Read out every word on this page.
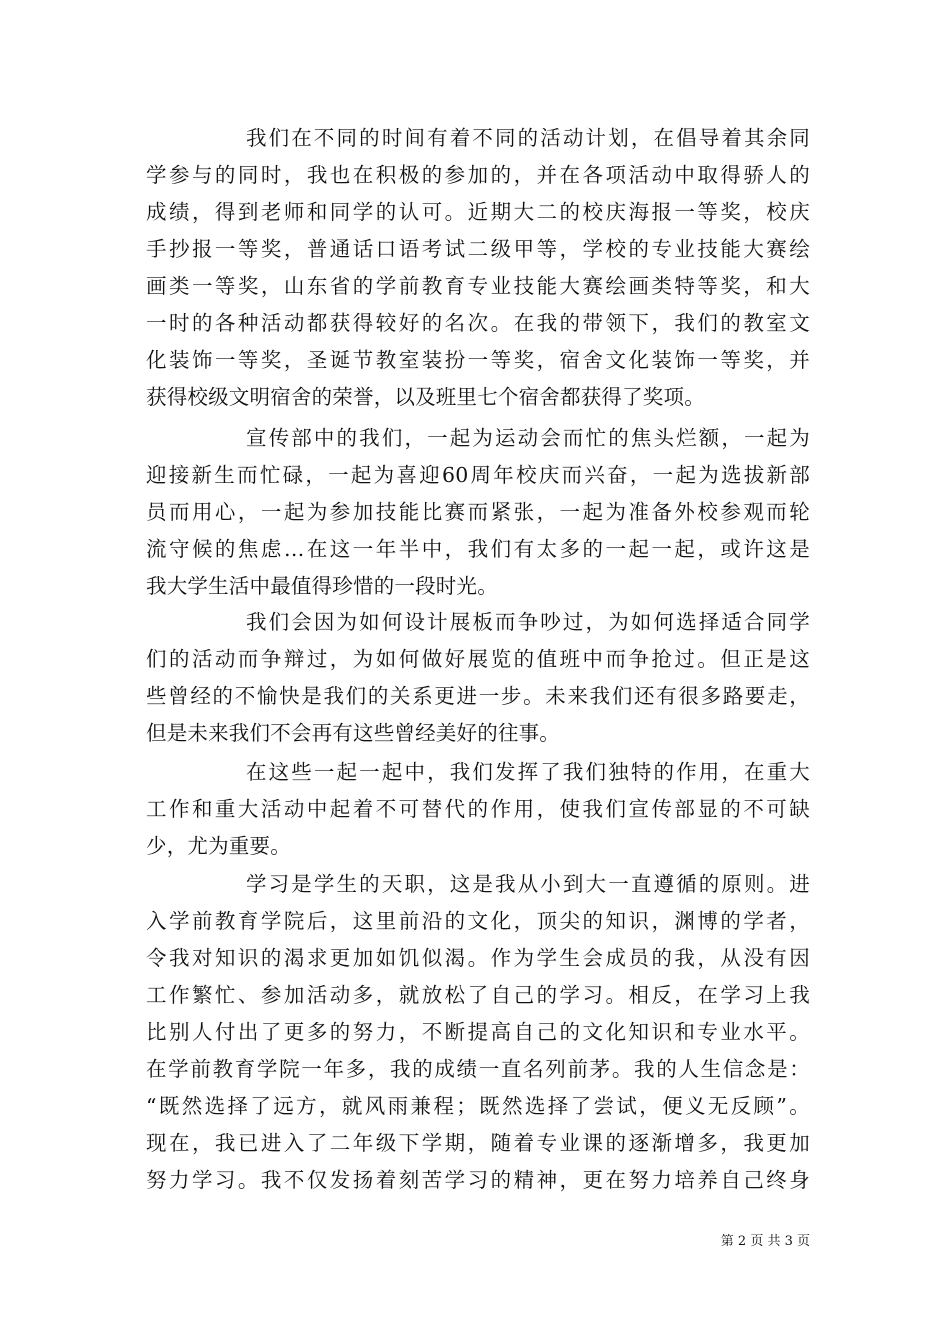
我们在不同的时间有着不同的活动计划，在倡导着其余同
学参与的同时，我也在积极的参加的，并在各项活动中取得骄人的
成绩，得到老师和同学的认可。近期大二的校庆海报一等奖，校庆
手抄报一等奖，普通话口语考试二级甲等，学校的专业技能大赛绘
画类一等奖，山东省的学前教育专业技能大赛绘画类特等奖，和大
一时的各种活动都获得较好的名次。在我的带领下，我们的教室文
化装饰一等奖，圣诞节教室装扮一等奖，宿舍文化装饰一等奖，并
获得校级文明宿舍的荣誉，以及班里七个宿舍都获得了奖项。
宣传部中的我们，一起为运动会而忙的焦头烂额，一起为
迎接新生而忙碌，一起为喜迎60周年校庆而兴奋，一起为选拔新部
员而用心，一起为参加技能比赛而紧张，一起为准备外校参观而轮
流守候的焦虑…在这一年半中，我们有太多的一起一起，或许这是
我大学生活中最值得珍惜的一段时光。
我们会因为如何设计展板而争吵过，为如何选择适合同学
们的活动而争辩过，为如何做好展览的值班中而争抢过。但正是这
些曾经的不愉快是我们的关系更进一步。未来我们还有很多路要走，
但是未来我们不会再有这些曾经美好的往事。
在这些一起一起中，我们发挥了我们独特的作用，在重大
工作和重大活动中起着不可替代的作用，使我们宣传部显的不可缺
少，尤为重要。
学习是学生的天职，这是我从小到大一直遵循的原则。进
入学前教育学院后，这里前沿的文化，顶尖的知识，渊博的学者，
令我对知识的渴求更加如饥似渴。作为学生会成员的我，从没有因
工作繁忙、参加活动多，就放松了自己的学习。相反，在学习上我
比别人付出了更多的努力，不断提高自己的文化知识和专业水平。
在学前教育学院一年多，我的成绩一直名列前茅。我的人生信念是：
“既然选择了远方，就风雨兼程；既然选择了尝试，便义无反顾”。
现在，我已进入了二年级下学期，随着专业课的逐渐增多，我更加
努力学习。我不仅发扬着刻苦学习的精神，更在努力培养自己终身
第 2 页 共 3 页
